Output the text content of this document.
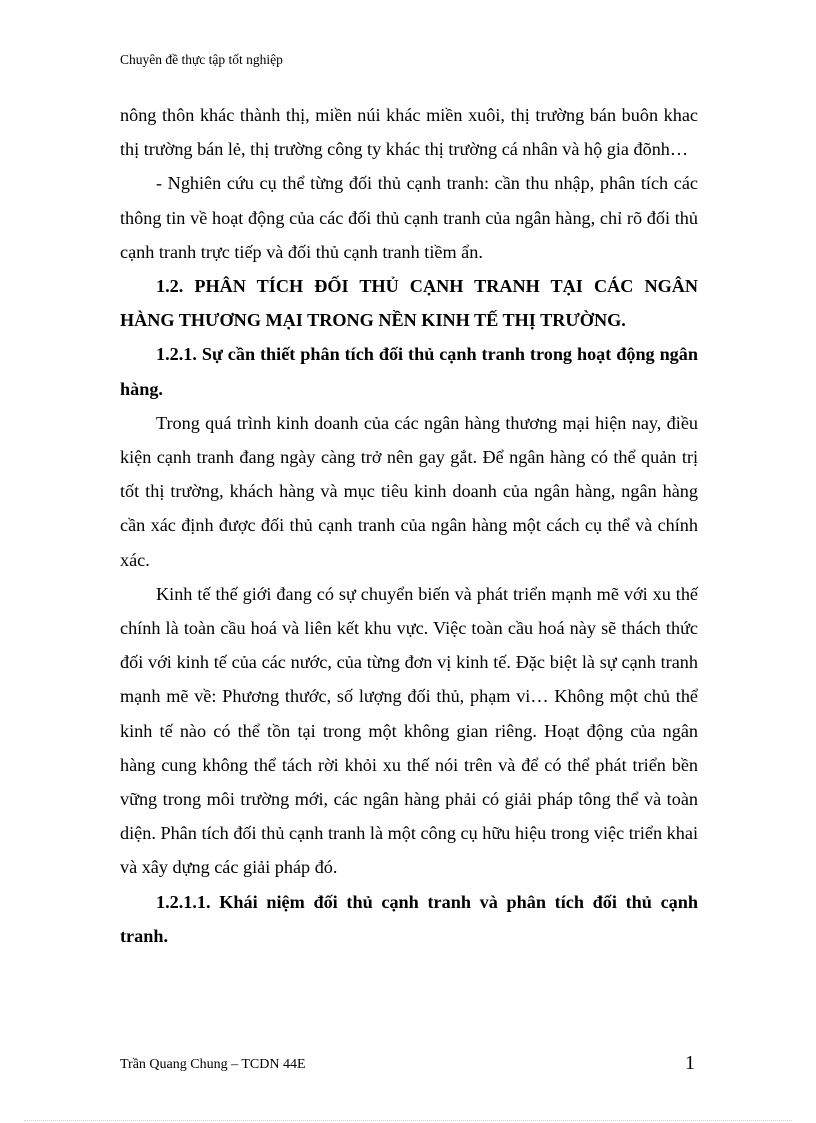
Chuyên đề thực tập tốt nghiệp

nông thôn khác thành thị, miền núi khác miền xuôi, thị trường bán buôn khac thị trường bán lẻ, thị trường công ty khác thị trường cá nhân và hộ gia đõnh…

- Nghiên cứu cụ thể từng đối thủ cạnh tranh: cần thu nhập, phân tích các thông tin về hoạt động của các đối thủ cạnh tranh của ngân hàng, chỉ rõ đối thủ cạnh tranh trực tiếp và đối thủ cạnh tranh tiềm ẩn.

1.2. PHÂN TÍCH ĐỐI THỦ CẠNH TRANH TẠI CÁC NGÂN HÀNG THƯƠNG MẠI TRONG NỀN KINH TẾ THỊ TRƯỜNG.

1.2.1. Sự cần thiết phân tích đối thủ cạnh tranh trong hoạt động ngân hàng.

Trong quá trình kinh doanh của các ngân hàng thương mại hiện nay, điều kiện cạnh tranh đang ngày càng trở nên gay gắt. Để ngân hàng có thể quản trị tốt thị trường, khách hàng và mục tiêu kinh doanh của ngân hàng, ngân hàng cần xác định được đối thủ cạnh tranh của ngân hàng một cách cụ thể và chính xác.

Kinh tế thế giới đang có sự chuyển biến và phát triển mạnh mẽ với xu thế chính là toàn cầu hoá và liên kết khu vực. Việc toàn cầu hoá này sẽ thách thức đối với kinh tế của các nước, của từng đơn vị kinh tế. Đặc biệt là sự cạnh tranh mạnh mẽ về: Phương thước, số lượng đối thủ, phạm vi… Không một chủ thể kinh tế nào có thể tồn tại trong một không gian riêng. Hoạt động của ngân hàng cung không thể tách rời khỏi xu thế nói trên và để có thể phát triển bền vững trong môi trường mới, các ngân hàng phải có giải pháp tông thể và toàn diện. Phân tích đối thủ cạnh tranh là một công cụ hữu hiệu trong việc triển khai và xây dựng các giải pháp đó.

1.2.1.1. Khái niệm đối thủ cạnh tranh và phân tích đối thủ cạnh tranh.

Trần Quang Chung – TCDN 44E	1
